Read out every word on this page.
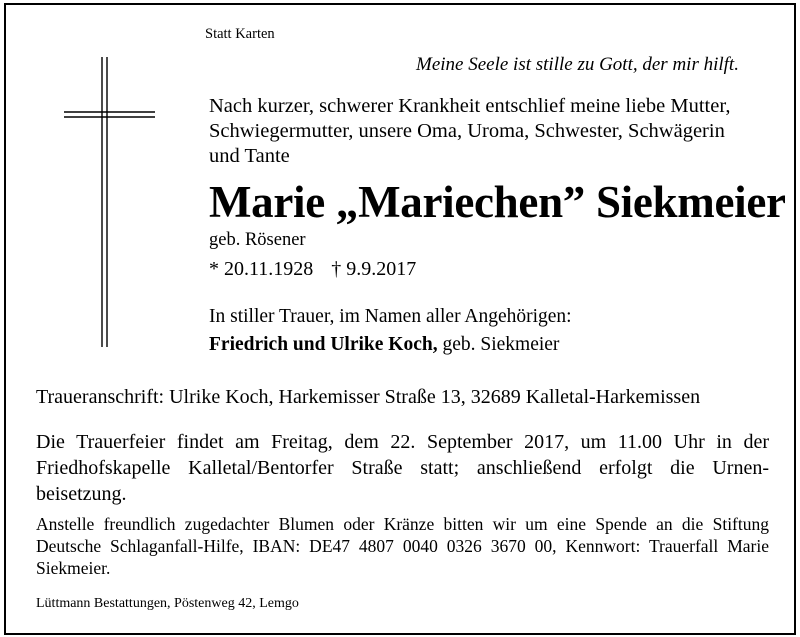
Statt Karten
Meine Seele ist stille zu Gott, der mir hilft.
Nach kurzer, schwerer Krankheit entschlief meine liebe Mutter,
Schwiegermutter, unsere Oma, Uroma, Schwester, Schwägerin
und Tante
Marie „Mariechen” Siekmeier
geb. Rösener
* 20.11.1928 † 9.9.2017
In stiller Trauer, im Namen aller Angehörigen:
Friedrich und Ulrike Koch, geb. Siekmeier
Traueranschrift: Ulrike Koch, Harkemisser Straße 13, 32689 Kalletal-Harkemissen
Die Trauerfeier findet am Freitag, dem 22. September 2017, um 11.00 Uhr in der Friedhofskapelle Kalletal/Bentorfer Straße statt; anschließend erfolgt die Urnen-beisetzung.
Anstelle freundlich zugedachter Blumen oder Kränze bitten wir um eine Spende an die Stiftung Deutsche Schlaganfall-Hilfe, IBAN: DE47 4807 0040 0326 3670 00, Kennwort: Trauerfall Marie Siekmeier.
Lüttmann Bestattungen, Pöstenweg 42, Lemgo
